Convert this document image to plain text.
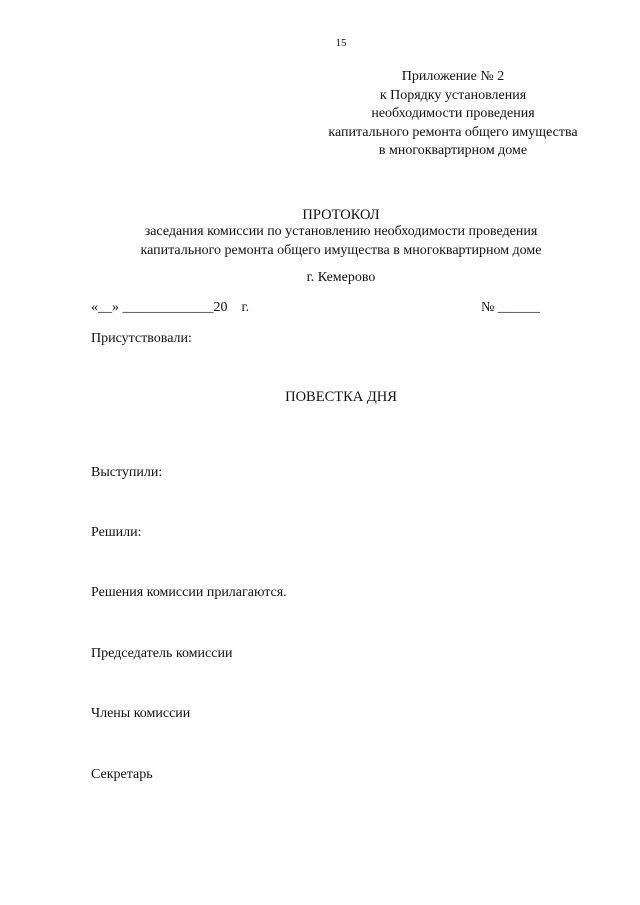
15
Приложение № 2
к Порядку установления
необходимости проведения
капитального ремонта общего имущества
в многоквартирном доме
ПРОТОКОЛ
заседания комиссии по установлению необходимости проведения
капитального ремонта общего имущества в многоквартирном доме
г. Кемерово
«__» _____________20    г.	№ ______
Присутствовали:
ПОВЕСТКА ДНЯ
Выступили:
Решили:
Решения комиссии прилагаются.
Председатель комиссии
Члены комиссии
Секретарь
